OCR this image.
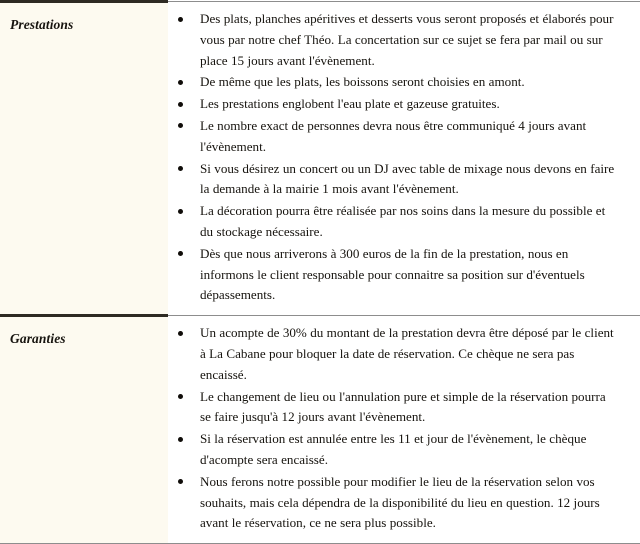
Prestations	Des plats, planches apéritives et desserts vous seront proposés et élaborés pour vous par notre chef Théo. La concertation sur ce sujet se fera par mail ou sur place 15 jours avant l'évènement.
De même que les plats, les boissons seront choisies en amont.
Les prestations englobent l'eau plate et gazeuse gratuites.
Le nombre exact de personnes devra nous être communiqué 4 jours avant l'évènement.
Si vous désirez un concert ou un DJ avec table de mixage nous devons en faire la demande à la mairie 1 mois avant l'évènement.
La décoration pourra être réalisée par nos soins dans la mesure du possible et du stockage nécessaire.
Dès que nous arriverons à 300 euros de la fin de la prestation, nous en informons le client responsable pour connaitre sa position sur d'éventuels dépassements.

Garanties	Un acompte de 30% du montant de la prestation devra être déposé par le client à La Cabane pour bloquer la date de réservation. Ce chèque ne sera pas encaissé.
Le changement de lieu ou l'annulation pure et simple de la réservation pourra se faire jusqu'à 12 jours avant l'évènement.
Si la réservation est annulée entre les 11 et jour de l'évènement, le chèque d'acompte sera encaissé.
Nous ferons notre possible pour modifier le lieu de la réservation selon vos souhaits, mais cela dépendra de la disponibilité du lieu en question. 12 jours avant le réservation, ce ne sera plus possible.
